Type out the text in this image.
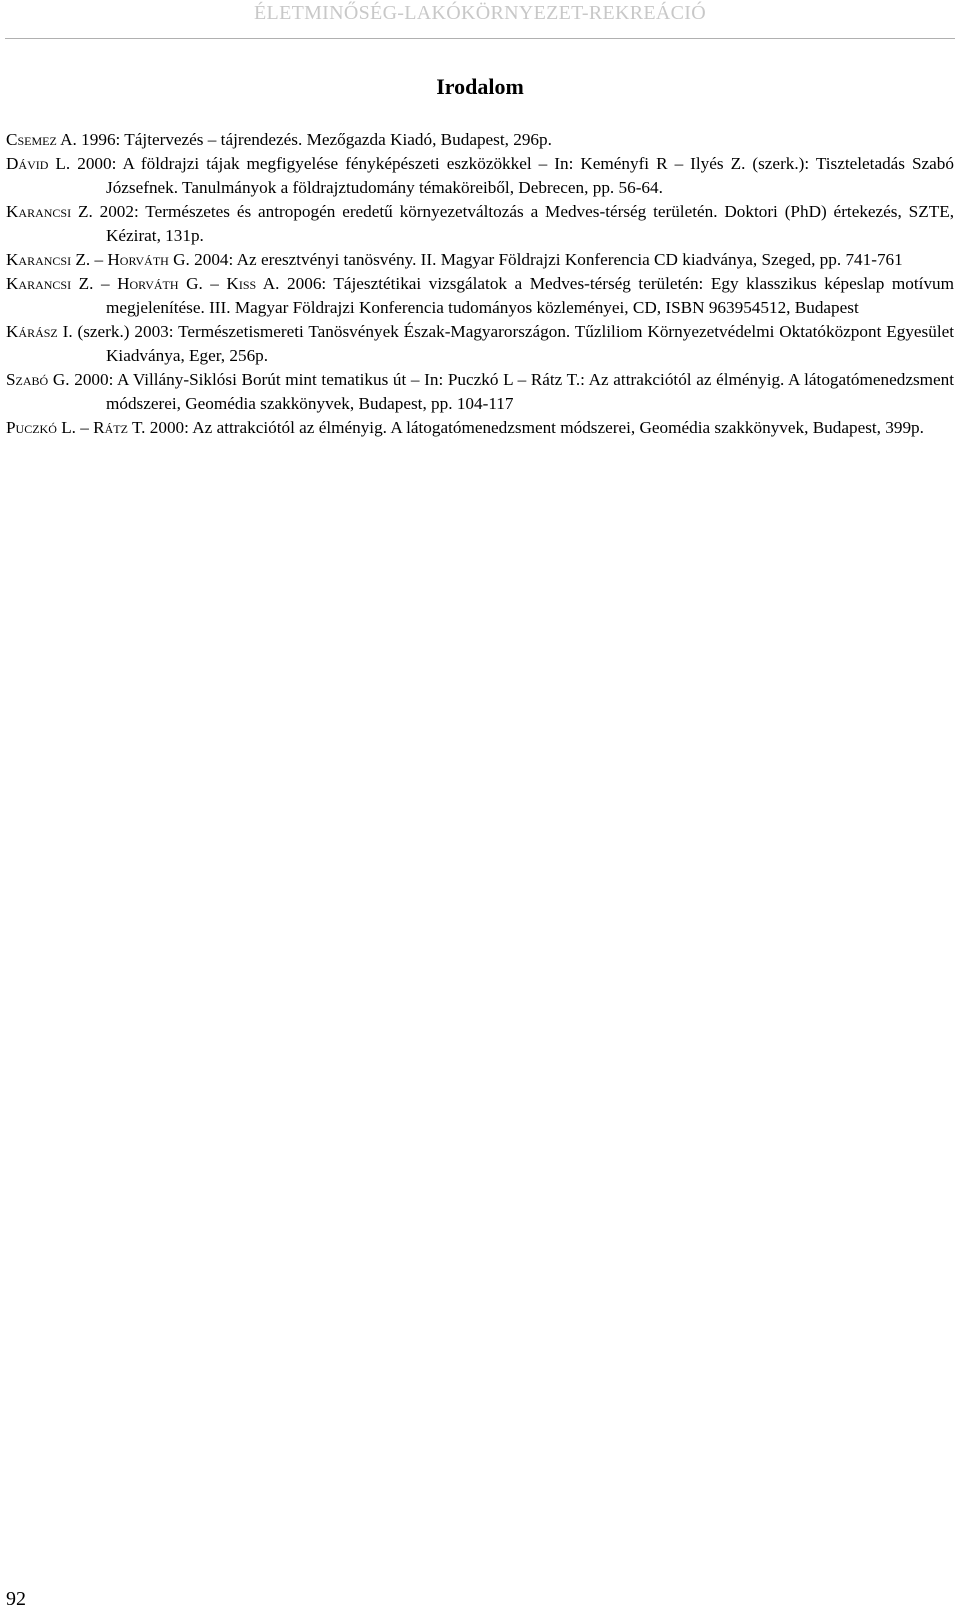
ÉLETMINŐSÉG-LAKÓKÖRNYEZET-REKREÁCIÓ
Irodalom
Csemez A. 1996: Tájtervezés – tájrendezés. Mezőgazda Kiadó, Budapest, 296p.
Dávid L. 2000: A földrajzi tájak megfigyelése fényképészeti eszközökkel – In: Keményfi R – Ilyés Z. (szerk.): Tiszteletadás Szabó Józsefnek. Tanulmányok a földrajztudomány témaköreiből, Debrecen, pp. 56-64.
Karancsi Z. 2002: Természetes és antropogén eredetű környezetváltozás a Medves-térség területén. Doktori (PhD) értekezés, SZTE, Kézirat, 131p.
Karancsi Z. – Horváth G. 2004: Az eresztvényi tanösvény. II. Magyar Földrajzi Konferencia CD kiadványa, Szeged, pp. 741-761
Karancsi Z. – Horváth G. – Kiss A. 2006: Tájesztétikai vizsgálatok a Medves-térség területén: Egy klasszikus képeslap motívum megjelenítése. III. Magyar Földrajzi Konferencia tudományos közleményei, CD, ISBN 963954512, Budapest
Kárász I. (szerk.) 2003: Természetismereti Tanösvények Észak-Magyarországon. Tűzliliom Környezetvédelmi Oktatóközpont Egyesület Kiadványa, Eger, 256p.
Szabó G. 2000: A Villány-Siklósi Borút mint tematikus út – In: Puczkó L – Rátz T.: Az attrakciótól az élményig. A látogatómenedzsment módszerei, Geomédia szakkönyvek, Budapest, pp. 104-117
Puczkó L. – Rátz T. 2000: Az attrakciótól az élményig. A látogatómenedzsment módszerei, Geomédia szakkönyvek, Budapest, 399p.
92
